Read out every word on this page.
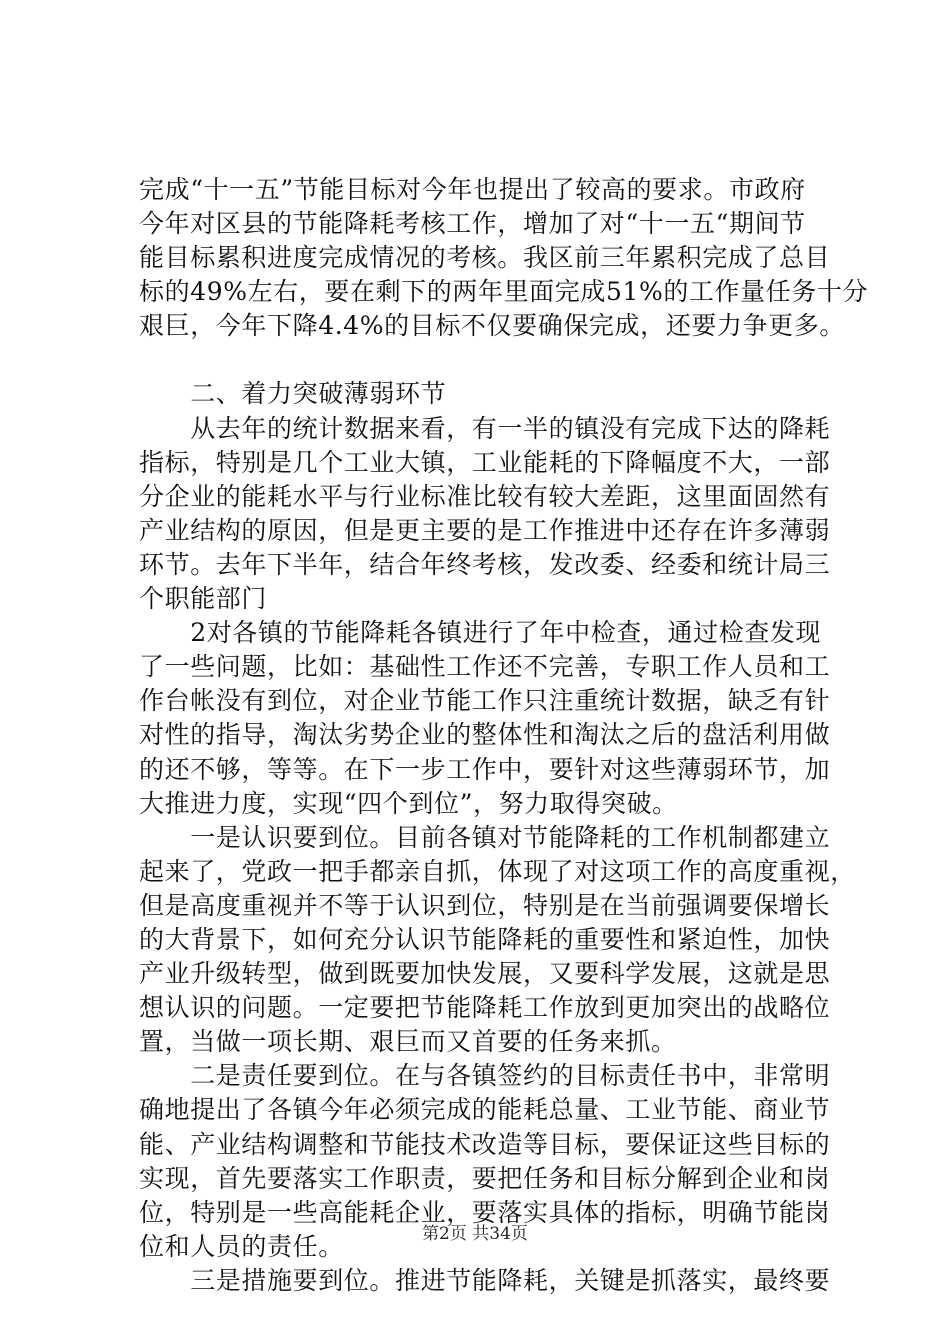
完成“十一五”节能目标对今年也提出了较高的要求。市政府
今年对区县的节能降耗考核工作，增加了对“十一五“期间节
能目标累积进度完成情况的考核。我区前三年累积完成了总目
标的49%左右，要在剩下的两年里面完成51%的工作量任务十分
艰巨，今年下降4.4%的目标不仅要确保完成，还要力争更多。
　　二、着力突破薄弱环节
　　从去年的统计数据来看，有一半的镇没有完成下达的降耗
指标，特别是几个工业大镇，工业能耗的下降幅度不大，一部
分企业的能耗水平与行业标准比较有较大差距，这里面固然有
产业结构的原因，但是更主要的是工作推进中还存在许多薄弱
环节。去年下半年，结合年终考核，发改委、经委和统计局三
个职能部门
　　2对各镇的节能降耗各镇进行了年中检查，通过检查发现
了一些问题，比如：基础性工作还不完善，专职工作人员和工
作台帐没有到位，对企业节能工作只注重统计数据，缺乏有针
对性的指导，淘汰劣势企业的整体性和淘汰之后的盘活利用做
的还不够，等等。在下一步工作中，要针对这些薄弱环节，加
大推进力度，实现“四个到位”，努力取得突破。
　　一是认识要到位。目前各镇对节能降耗的工作机制都建立
起来了，党政一把手都亲自抓，体现了对这项工作的高度重视，
但是高度重视并不等于认识到位，特别是在当前强调要保增长
的大背景下，如何充分认识节能降耗的重要性和紧迫性，加快
产业升级转型，做到既要加快发展，又要科学发展，这就是思
想认识的问题。一定要把节能降耗工作放到更加突出的战略位
置，当做一项长期、艰巨而又首要的任务来抓。
　　二是责任要到位。在与各镇签约的目标责任书中，非常明
确地提出了各镇今年必须完成的能耗总量、工业节能、商业节
能、产业结构调整和节能技术改造等目标，要保证这些目标的
实现，首先要落实工作职责，要把任务和目标分解到企业和岗
位，特别是一些高能耗企业，要落实具体的指标，明确节能岗
位和人员的责任。
　　三是措施要到位。推进节能降耗，关键是抓落实，最终要
第2页 共34页
